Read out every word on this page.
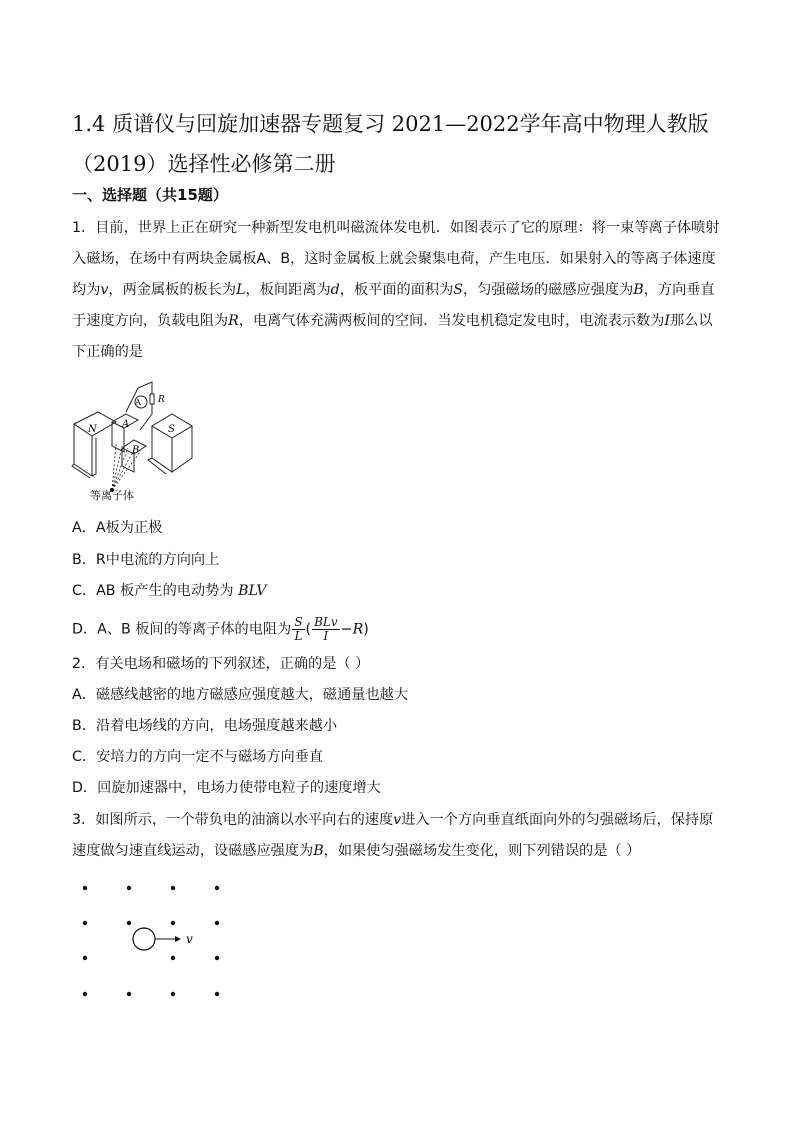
1.4 质谱仪与回旋加速器专题复习 2021—2022学年高中物理人教版
（2019）选择性必修第二册
一、选择题（共15题）
1．目前，世界上正在研究一种新型发电机叫磁流体发电机．如图表示了它的原理：将一束等离子体喷射入磁场，在场中有两块金属板A、B，这时金属板上就会聚集电荷，产生电压．如果射入的等离子体速度均为v，两金属板的板长为L，板间距离为d，板平面的面积为S，匀强磁场的磁感应强度为B，方向垂直于速度方向，负载电阻为R，电离气体充满两板间的空间．当发电机稳定发电时，电流表示数为I那么以下正确的是
A R
N	A
B
S
等离子体
A．A板为正极
B．R中电流的方向向上
C．AB 板产生的电动势为 BLV
D．A、B 板间的等离子体的电阻为 $\frac{S}{L}$ ( $\frac{\text{BLv}}{I} -R$)
2．有关电场和磁场的下列叙述，正确的是（ ）
A．磁感线越密的地方磁感应强度越大，磁通量也越大
B．沿着电场线的方向，电场强度越来越小
C．安培力的方向一定不与磁场方向垂直
D．回旋加速器中，电场力使带电粒子的速度增大
3．如图所示，一个带负电的油滴以水平向右的速度v进入一个方向垂直纸面向外的匀强磁场后，保持原速度做匀速直线运动，设磁感应强度为B，如果使匀强磁场发生变化，则下列错误的是（ ）
v
